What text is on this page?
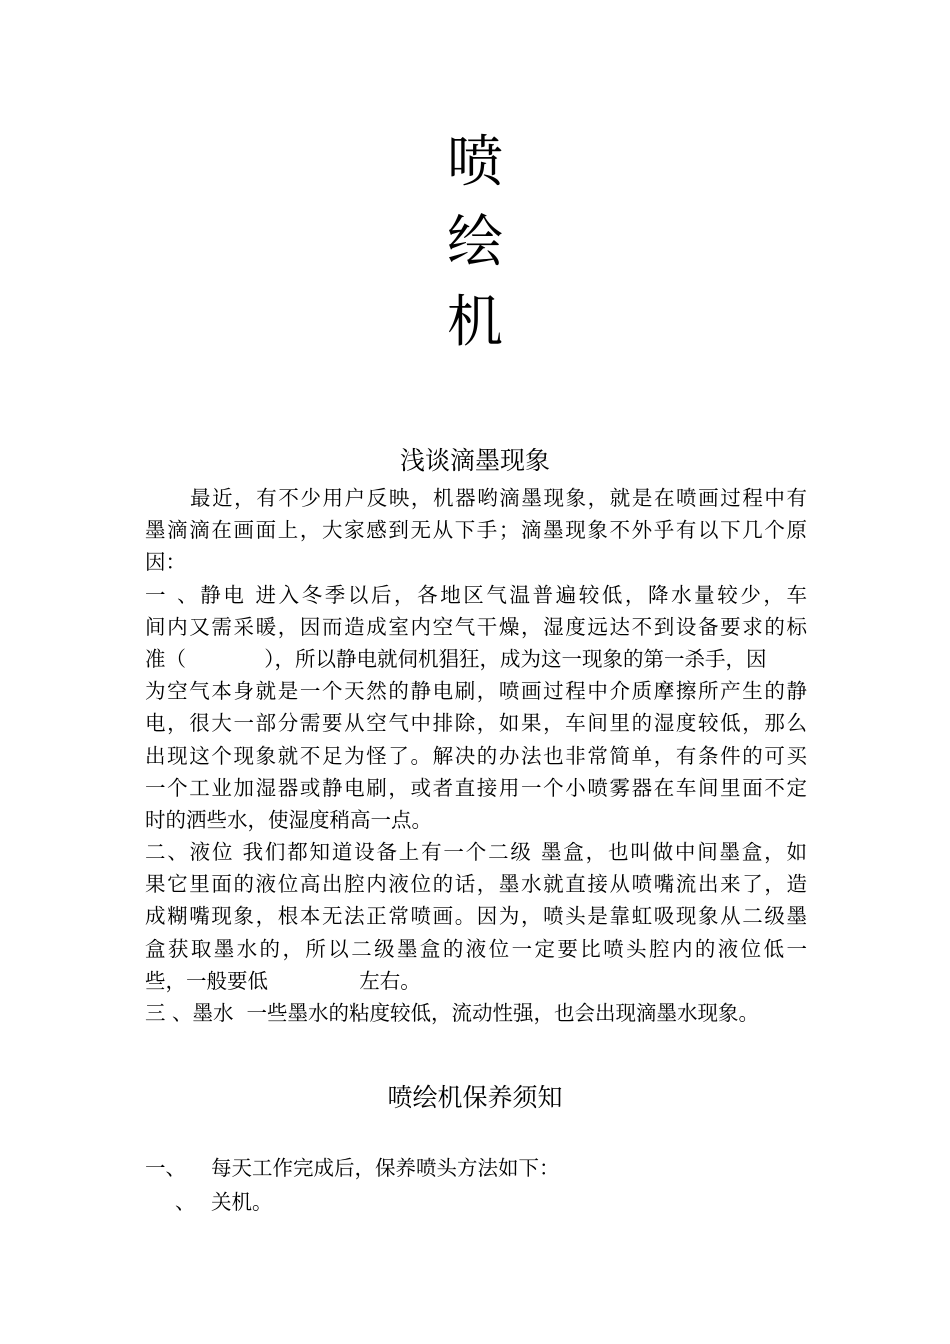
喷
绘
机
浅谈滴墨现象
最近，有不少用户反映，机器哟滴墨现象，就是在喷画过程中有
墨滴滴在画面上，大家感到无从下手；滴墨现象不外乎有以下几个原
因：
一 、静电 进入冬季以后，各地区气温普遍较低，降水量较少，车
间内又需采暖，因而造成室内空气干燥，湿度远达不到设备要求的标
准（            ），所以静电就伺机猖狂，成为这一现象的第一杀手，因
为空气本身就是一个天然的静电刷，喷画过程中介质摩擦所产生的静
电，很大一部分需要从空气中排除，如果，车间里的湿度较低，那么
出现这个现象就不足为怪了。解决的办法也非常简单，有条件的可买
一个工业加湿器或静电刷，或者直接用一个小喷雾器在车间里面不定
时的洒些水，使湿度稍高一点。
二、液位 我们都知道设备上有一个二级 墨盒，也叫做中间墨盒，如
果它里面的液位高出腔内液位的话，墨水就直接从喷嘴流出来了，造
成糊嘴现象，根本无法正常喷画。因为，喷头是靠虹吸现象从二级墨
盒获取墨水的，所以二级墨盒的液位一定要比喷头腔内的液位低一
些，一般要低              左右。
三 、墨水  一些墨水的粘度较低，流动性强，也会出现滴墨水现象。
喷绘机保养须知
一、 每天工作完成后，保养喷头方法如下：
、 关机。
